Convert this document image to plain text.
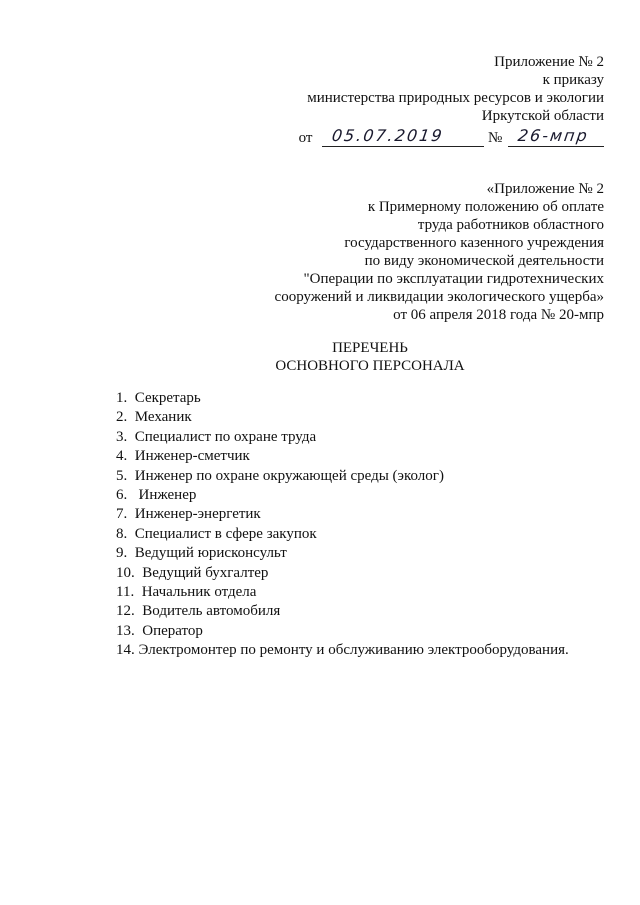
Приложение № 2
к приказу
министерства природных ресурсов и экологии
Иркутской области
от 05.07.2019	№ 26-мпр
«Приложение № 2
к Примерному положению об оплате
труда работников областного
государственного казенного учреждения
по виду экономической деятельности
"Операции по эксплуатации гидротехнических
сооружений и ликвидации экологического ущерба»
от 06 апреля 2018 года № 20-мпр
ПЕРЕЧЕНЬ
ОСНОВНОГО ПЕРСОНАЛА
1. Секретарь
2. Механик
3. Специалист по охране труда
4. Инженер-сметчик
5. Инженер по охране окружающей среды (эколог)
6. Инженер
7. Инженер-энергетик
8. Специалист в сфере закупок
9. Ведущий юрисконсульт
10. Ведущий бухгалтер
11. Начальник отдела
12. Водитель автомобиля
13. Оператор
14. Электромонтер по ремонту и обслуживанию электрооборудования.
